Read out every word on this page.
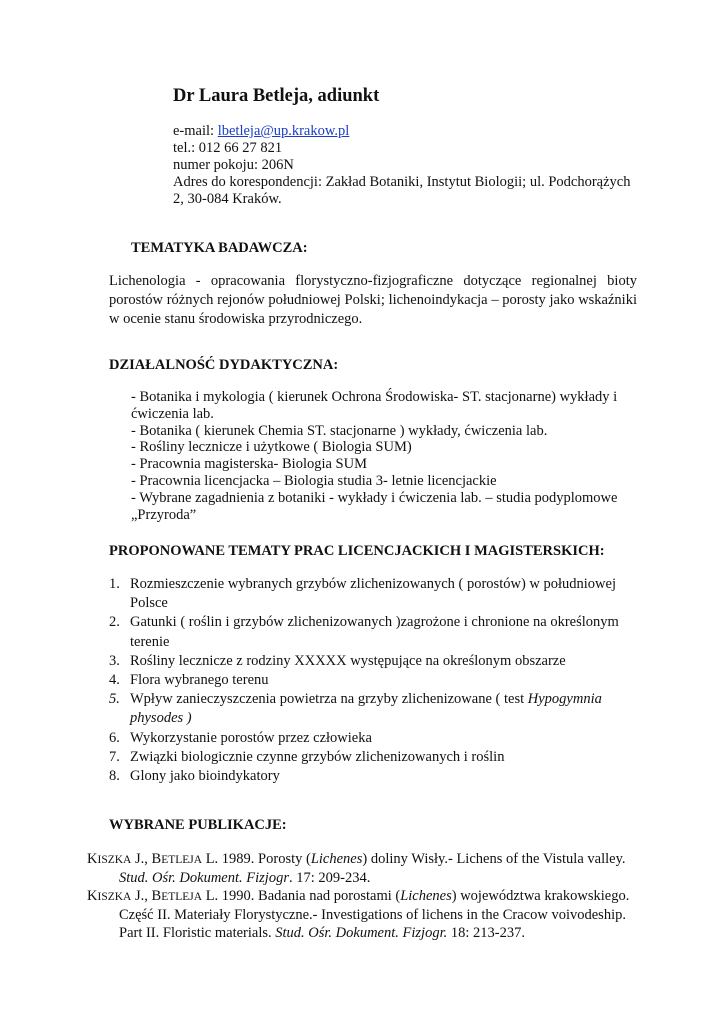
Dr Laura Betleja, adiunkt
e-mail: lbetleja@up.krakow.pl
tel.: 012 66 27 821
numer pokoju: 206N
Adres do korespondencji: Zakład Botaniki, Instytut Biologii; ul. Podchorążych
2, 30-084 Kraków.
TEMATYKA BADAWCZA:

Lichenologia - opracowania florystyczno-fizjograficzne dotyczące regionalnej bioty porostów różnych rejonów południowej Polski; lichenoindykacja – porosty jako wskaźniki w ocenie stanu środowiska przyrodniczego.

DZIAŁALNOŚĆ DYDAKTYCZNA:
- Botanika i mykologia ( kierunek Ochrona Środowiska- ST. stacjonarne) wykłady i ćwiczenia lab.
- Botanika ( kierunek Chemia ST. stacjonarne ) wykłady, ćwiczenia lab.
- Rośliny lecznicze i użytkowe ( Biologia SUM)
- Pracownia magisterska- Biologia SUM
- Pracownia licencjacka – Biologia studia 3- letnie licencjackie
- Wybrane zagadnienia z botaniki - wykłady i ćwiczenia lab. – studia podyplomowe „Przyroda”
PROPONOWANE TEMATY PRAC LICENCJACKICH I MAGISTERSKICH:
1. Rozmieszczenie wybranych grzybów zlichenizowanych ( porostów) w południowej Polsce
2. Gatunki ( roślin i grzybów zlichenizowanych )zagrożone i chronione na określonym terenie
3. Rośliny lecznicze z rodziny XXXXX występujące na określonym obszarze
4. Flora wybranego terenu
5. Wpływ zanieczyszczenia powietrza na grzyby zlichenizowane ( test Hypogymnia physodes )
6. Wykorzystanie porostów przez człowieka
7. Związki biologicznie czynne grzybów zlichenizowanych i roślin
8. Glony jako bioindykatory
WYBRANE PUBLIKACJE:

KISZKA J., BETLEJA L. 1989. Porosty (Lichenes) doliny Wisły.- Lichens of the Vistula valley. Stud. Ośr. Dokument. Fizjogr. 17: 209-234.

KISZKA J., BETLEJA L. 1990. Badania nad porostami (Lichenes) województwa krakowskiego. Część II. Materiały Florystyczne.- Investigations of lichens in the Cracow voivodeship. Part II. Floristic materials. Stud. Ośr. Dokument. Fizjogr. 18: 213-237.
